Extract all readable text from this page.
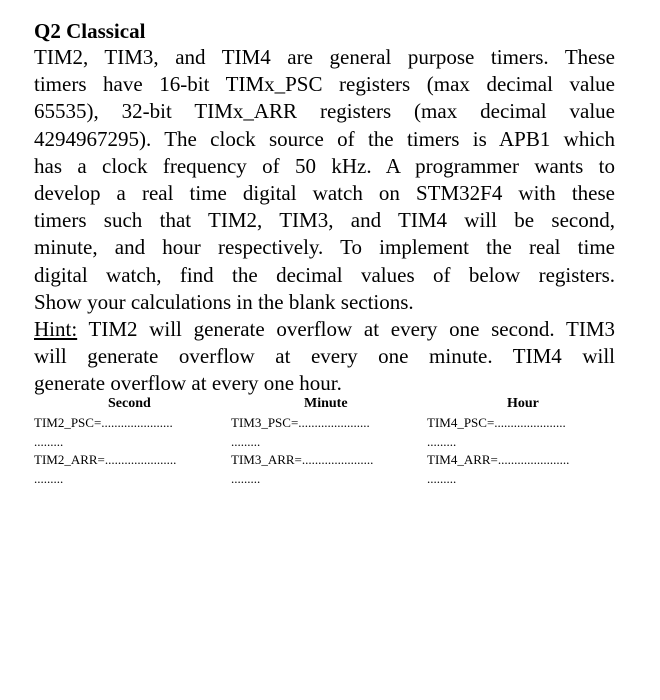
Q2 Classical
TIM2, TIM3, and TIM4 are general purpose timers. These
timers have 16-bit TIMx_PSC registers (max decimal value
65535), 32-bit TIMx_ARR registers (max decimal value
4294967295). The clock source of the timers is APB1 which
has a clock frequency of 50 kHz. A programmer wants to
develop a real time digital watch on STM32F4 with these
timers such that TIM2, TIM3, and TIM4 will be second,
minute, and hour respectively. To implement the real time
digital watch, find the decimal values of below registers.
Show your calculations in the blank sections.
Hint: TIM2 will generate overflow at every one second. TIM3
will generate overflow at every one minute. TIM4 will
generate overflow at every one hour.
Second	Minute	Hour
TIM2_PSC=......................
.........
TIM2_ARR=......................
.........
TIM3_PSC=......................
.........
TIM3_ARR=......................
.........
TIM4_PSC=......................
.........
TIM4_ARR=......................
.........
